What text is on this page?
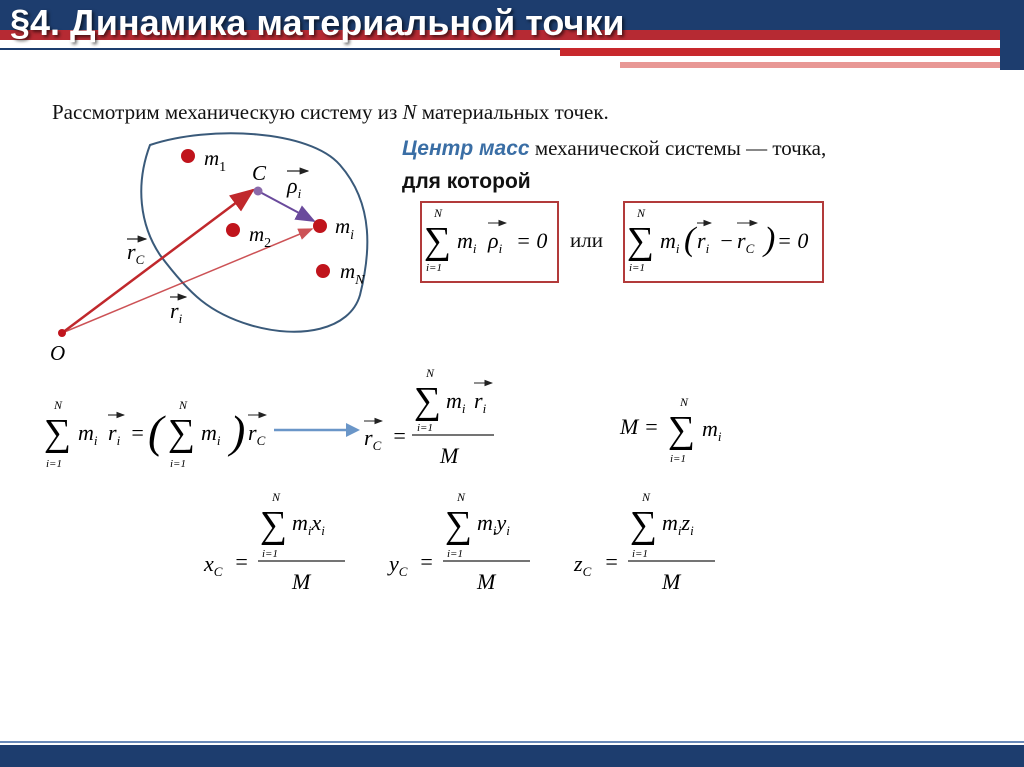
§4. Динамика материальной точки
Рассмотрим механическую систему из N материальных точек.
Центр масс механической системы — точка,
для которой
$m_1$
$m_2$
$m_i$
$m_N$
C
O
$\rho_i$
$r_C$
$r_i$
N
∑
i=1
$m_i$ $\rho_i = 0$ или
N
∑
i=1
$m_i$ ( $r_i - r_C$ ) = 0
N
∑
i=1
$m_i$ $r_i$ = (
N
∑
i=1
$m_i$ ) $r_C$	$r_C$ =
N
∑
i=1
$m_i$ $r_i$
M
M =
N
∑
i=1
$m_i$
$x_C$ =
N
∑
i=1
$m_ix_i$
M
$y_C$ =
N
∑
i=1
$m_iy_i$
M
$z_C$ =
N
∑
i=1
$m_iz_i$
M
